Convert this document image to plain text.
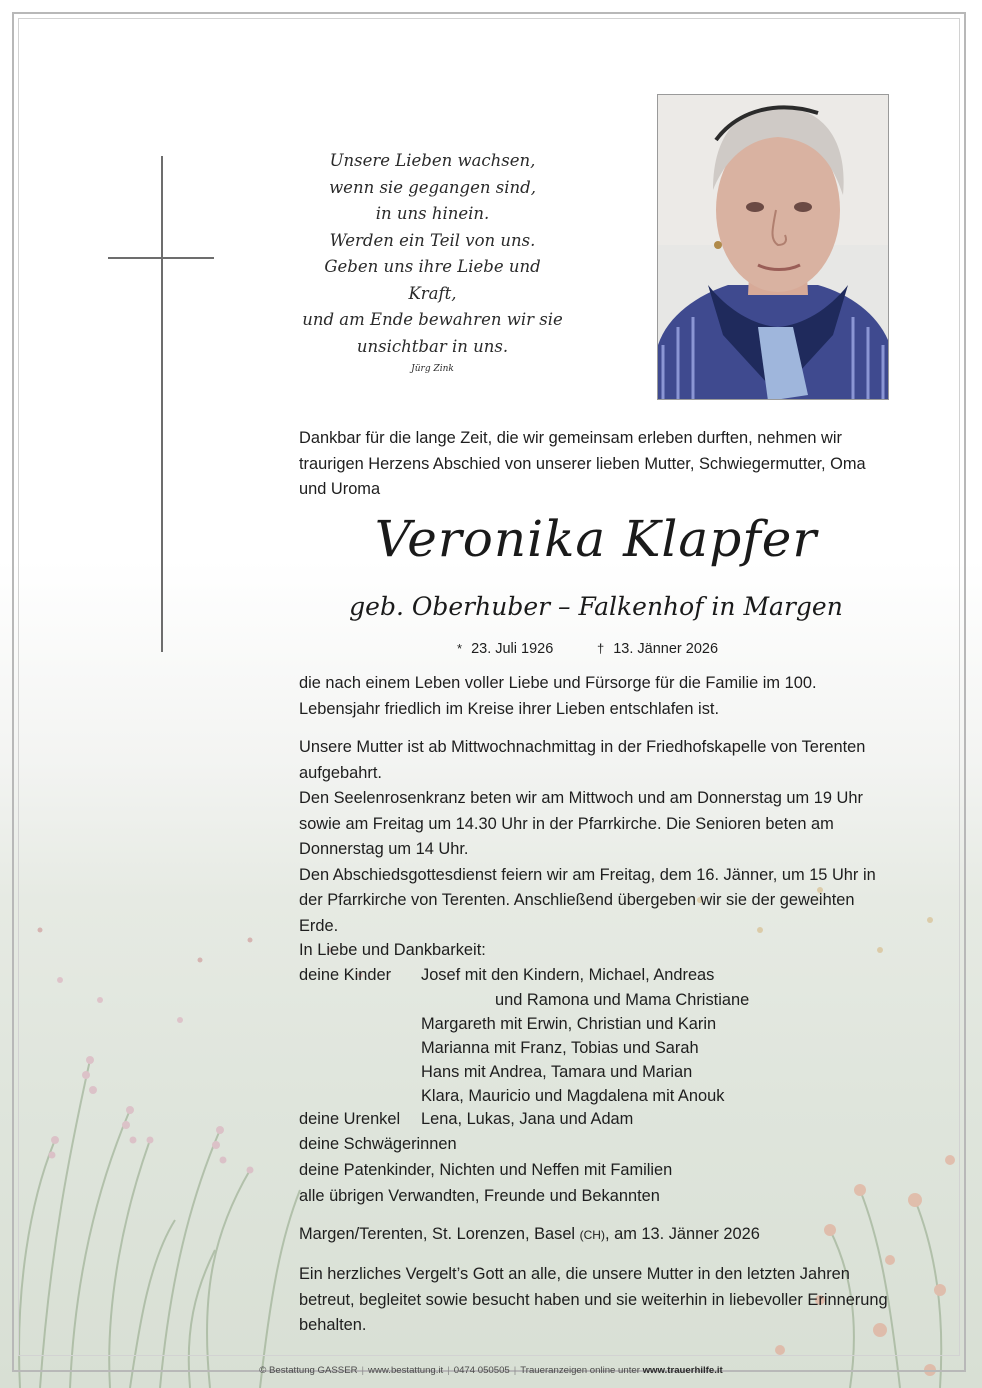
Unsere Lieben wachsen,
wenn sie gegangen sind,
in uns hinein.
Werden ein Teil von uns.
Geben uns ihre Liebe und Kraft,
und am Ende bewahren wir sie
unsichtbar in uns.
Jürg Zink
Dankbar für die lange Zeit, die wir gemeinsam erleben durften, nehmen wir traurigen Herzens Abschied von unserer lieben Mutter, Schwiegermutter, Oma und Uroma
Veronika Klapfer
geb. Oberhuber – Falkenhof in Margen
* 23. Juli 1926	† 13. Jänner 2026
die nach einem Leben voller Liebe und Fürsorge für die Familie im 100. Lebensjahr friedlich im Kreise ihrer Lieben entschlafen ist.
Unsere Mutter ist ab Mittwochnachmittag in der Friedhofskapelle von Terenten aufgebahrt.
Den Seelenrosenkranz beten wir am Mittwoch und am Donnerstag um 19 Uhr sowie am Freitag um 14.30 Uhr in der Pfarrkirche. Die Senioren beten am Donnerstag um 14 Uhr.
Den Abschiedsgottesdienst feiern wir am Freitag, dem 16. Jänner, um 15 Uhr in der Pfarrkirche von Terenten. Anschließend übergeben wir sie der geweihten Erde.
In Liebe und Dankbarkeit:
deine Kinder Josef mit den Kindern, Michael, Andreas
und Ramona und Mama Christiane
Margareth mit Erwin, Christian und Karin
Marianna mit Franz, Tobias und Sarah
Hans mit Andrea, Tamara und Marian
Klara, Mauricio und Magdalena mit Anouk
deine Urenkel Lena, Lukas, Jana und Adam
deine Schwägerinnen
deine Patenkinder, Nichten und Neffen mit Familien
alle übrigen Verwandten, Freunde und Bekannten
Margen/Terenten, St. Lorenzen, Basel (CH), am 13. Jänner 2026
Ein herzliches Vergelt’s Gott an alle, die unsere Mutter in den letzten Jahren betreut, begleitet sowie besucht haben und sie weiterhin in liebevoller Erinnerung behalten.
© Bestattung GASSER | www.bestattung.it | 0474 050505 | Traueranzeigen online unter www.trauerhilfe.it
